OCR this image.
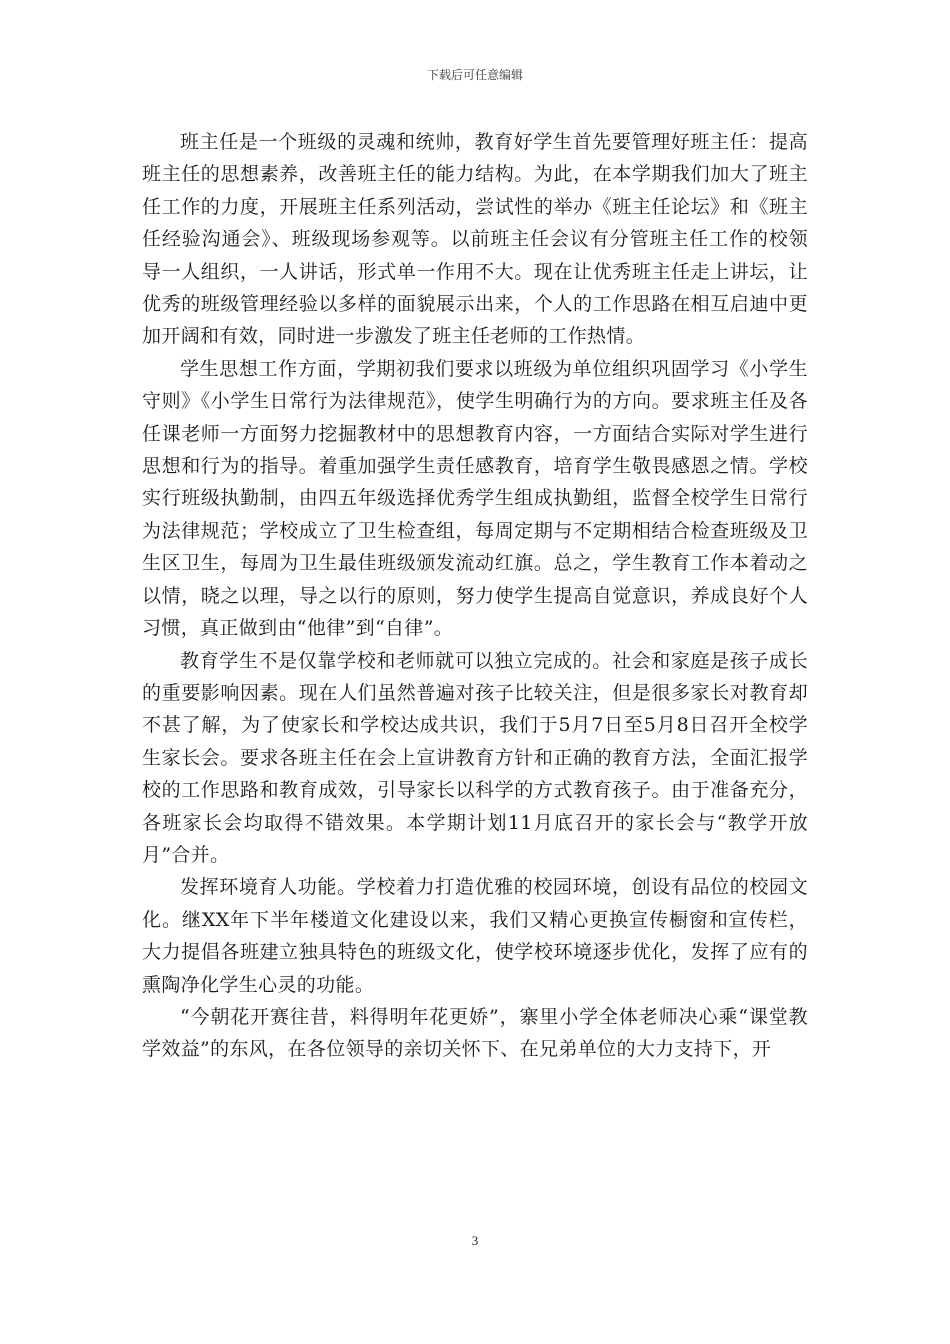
下载后可任意编辑

班主任是一个班级的灵魂和统帅，教育好学生首先要管理好班主任：提高班主任的思想素养，改善班主任的能力结构。为此，在本学期我们加大了班主任工作的力度，开展班主任系列活动，尝试性的举办《班主任论坛》和《班主任经验沟通会》、班级现场参观等。以前班主任会议有分管班主任工作的校领导一人组织，一人讲话，形式单一作用不大。现在让优秀班主任走上讲坛，让优秀的班级管理经验以多样的面貌展示出来，个人的工作思路在相互启迪中更加开阔和有效，同时进一步激发了班主任老师的工作热情。

学生思想工作方面，学期初我们要求以班级为单位组织巩固学习《小学生守则》《小学生日常行为法律规范》，使学生明确行为的方向。要求班主任及各任课老师一方面努力挖掘教材中的思想教育内容，一方面结合实际对学生进行思想和行为的指导。着重加强学生责任感教育，培育学生敬畏感恩之情。学校实行班级执勤制，由四五年级选择优秀学生组成执勤组，监督全校学生日常行为法律规范；学校成立了卫生检查组，每周定期与不定期相结合检查班级及卫生区卫生，每周为卫生最佳班级颁发流动红旗。总之，学生教育工作本着动之以情，晓之以理，导之以行的原则，努力使学生提高自觉意识，养成良好个人习惯，真正做到由“他律”到“自律”。

教育学生不是仅靠学校和老师就可以独立完成的。社会和家庭是孩子成长的重要影响因素。现在人们虽然普遍对孩子比较关注，但是很多家长对教育却不甚了解，为了使家长和学校达成共识，我们于5月7日至5月8日召开全校学生家长会。要求各班主任在会上宣讲教育方针和正确的教育方法，全面汇报学校的工作思路和教育成效，引导家长以科学的方式教育孩子。由于准备充分，各班家长会均取得不错效果。本学期计划11月底召开的家长会与“教学开放月”合并。

发挥环境育人功能。学校着力打造优雅的校园环境，创设有品位的校园文化。继XX年下半年楼道文化建设以来，我们又精心更换宣传橱窗和宣传栏，大力提倡各班建立独具特色的班级文化，使学校环境逐步优化，发挥了应有的熏陶净化学生心灵的功能。

“今朝花开赛往昔，料得明年花更娇”，寨里小学全体老师决心乘“课堂教学效益”的东风，在各位领导的亲切关怀下、在兄弟单位的大力支持下，开

3
